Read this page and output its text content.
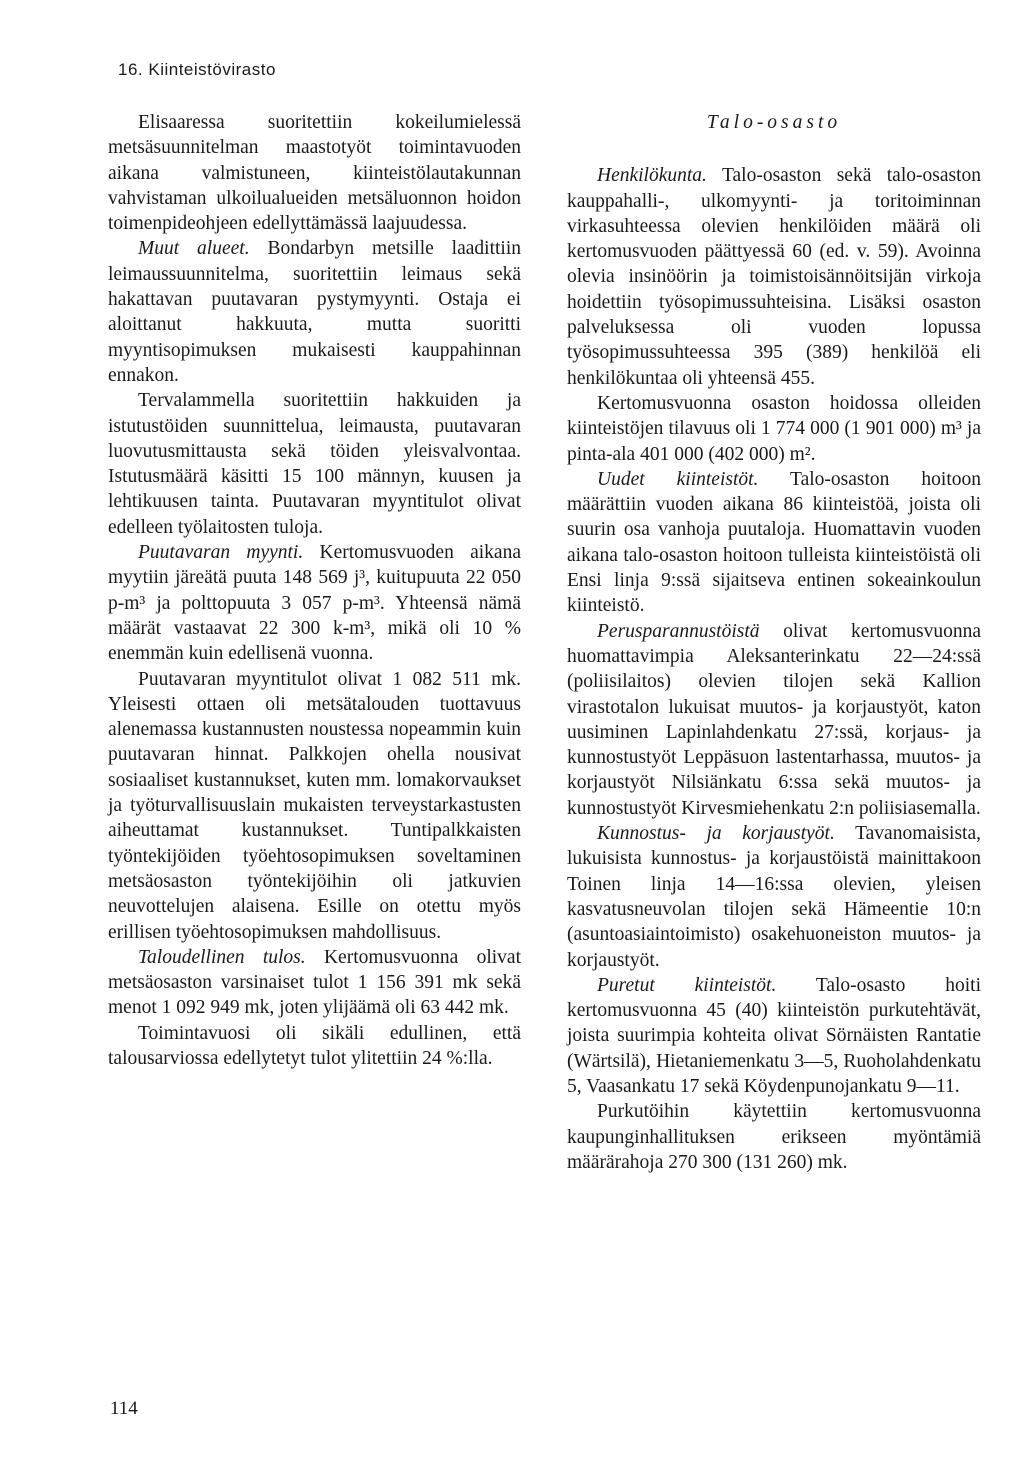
16. Kiinteistövirasto

Elisaaressa suoritettiin kokeilumielessä metsäsuunnitelman maastotyöt toimintavuoden aikana valmistuneen, kiinteistölautakunnan vahvistaman ulkoilualueiden metsäluonnon hoidon toimenpideohjeen edellyttämässä laajuudessa.

Muut alueet. Bondarbyn metsille laadittiin leimaussuunnitelma, suoritettiin leimaus sekä hakattavan puutavaran pystymyynti. Ostaja ei aloittanut hakkuuta, mutta suoritti myyntisopimuksen mukaisesti kauppahinnan ennakon.

Tervalammella suoritettiin hakkuiden ja istutustöiden suunnittelua, leimausta, puutavaran luovutusmittausta sekä töiden yleisvalvontaa. Istutusmäärä käsitti 15 100 männyn, kuusen ja lehtikuusen tainta. Puutavaran myyntitulot olivat edelleen työlaitosten tuloja.

Puutavaran myynti. Kertomusvuoden aikana myytiin järeätä puuta 148 569 j³, kuitupuuta 22 050 p-m³ ja polttopuuta 3 057 p-m³. Yhteensä nämä määrät vastaavat 22 300 k-m³, mikä oli 10 % enemmän kuin edellisenä vuonna.

Puutavaran myyntitulot olivat 1 082 511 mk. Yleisesti ottaen oli metsätalouden tuottavuus alenemassa kustannusten noustessa nopeammin kuin puutavaran hinnat. Palkkojen ohella nousivat sosiaaliset kustannukset, kuten mm. lomakorvaukset ja työturvallisuuslain mukaisten terveystarkastusten aiheuttamat kustannukset. Tuntipalkkaisten työntekijöiden työehtosopimuksen soveltaminen metsäosaston työntekijöihin oli jatkuvien neuvottelujen alaisena. Esille on otettu myös erillisen työehtosopimuksen mahdollisuus.

Taloudellinen tulos. Kertomusvuonna olivat metsäosaston varsinaiset tulot 1 156 391 mk sekä menot 1 092 949 mk, joten ylijäämä oli 63 442 mk.

Toimintavuosi oli sikäli edullinen, että talousarviossa edellytetyt tulot ylitettiin 24 %:lla.

Talo-osasto

Henkilökunta. Talo-osaston sekä talo-osaston kauppahalli-, ulkomyynti- ja toritoiminnan virkasuhteessa olevien henkilöiden määrä oli kertomusvuoden päättyessä 60 (ed. v. 59). Avoinna olevia insinöörin ja toimistoisännöitsijän virkoja hoidettiin työsopimussuhteisina. Lisäksi osaston palveluksessa oli vuoden lopussa työsopimussuhteessa 395 (389) henkilöä eli henkilökuntaa oli yhteensä 455.

Kertomusvuonna osaston hoidossa olleiden kiinteistöjen tilavuus oli 1 774 000 (1 901 000) m³ ja pinta-ala 401 000 (402 000) m².

Uudet kiinteistöt. Talo-osaston hoitoon määrättiin vuoden aikana 86 kiinteistöä, joista oli suurin osa vanhoja puutaloja. Huomattavin vuoden aikana talo-osaston hoitoon tulleista kiinteistöistä oli Ensi linja 9:ssä sijaitseva entinen sokeainkoulun kiinteistö.

Perusparannustöistä olivat kertomusvuonna huomattavimpia Aleksanterinkatu 22—24:ssä (poliisilaitos) olevien tilojen sekä Kallion virastotalon lukuisat muutos- ja korjaustyöt, katon uusiminen Lapinlahdenkatu 27:ssä, korjaus- ja kunnostustyöt Leppäsuon lastentarhassa, muutos- ja korjaustyöt Nilsiänkatu 6:ssa sekä muutos- ja kunnostustyöt Kirvesmiehenkatu 2:n poliisiasemalla.

Kunnostus- ja korjaustyöt. Tavanomaisista, lukuisista kunnostus- ja korjaustöistä mainittakoon Toinen linja 14—16:ssa olevien, yleisen kasvatusneuvolan tilojen sekä Hämeentie 10:n (asuntoasiaintoimisto) osakehuoneiston muutos- ja korjaustyöt.

Puretut kiinteistöt. Talo-osasto hoiti kertomusvuonna 45 (40) kiinteistön purkutehtävät, joista suurimpia kohteita olivat Sörnäisten Rantatie (Wärtsilä), Hietaniemenkatu 3—5, Ruoholahdenkatu 5, Vaasankatu 17 sekä Köydenpunojankatu 9—11.

Purkutöihin käytettiin kertomusvuonna kaupunginhallituksen erikseen myöntämiä määrärahoja 270 300 (131 260) mk.

114
